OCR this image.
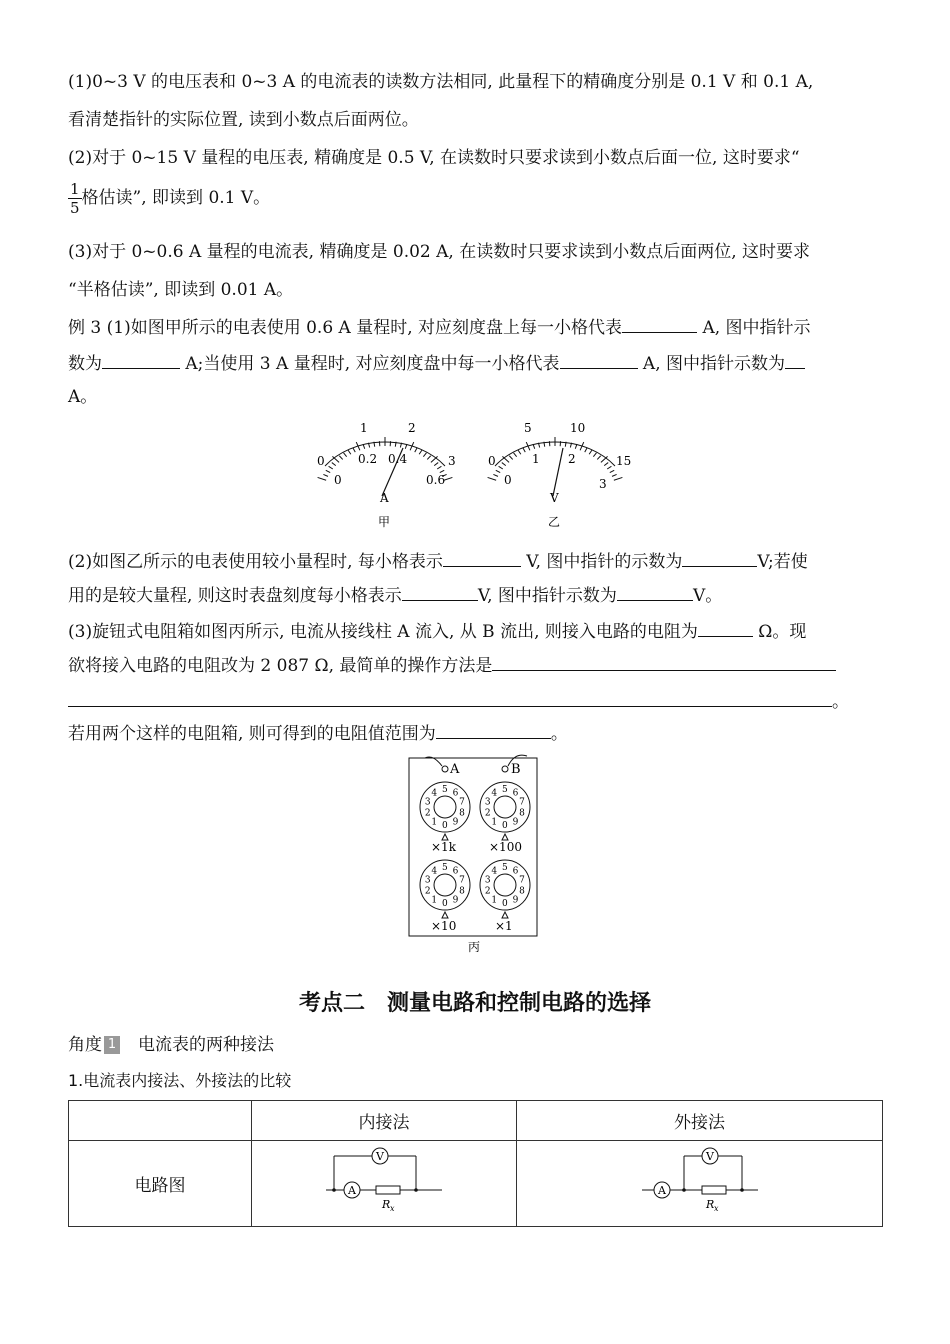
(1)0~3 V 的电压表和 0~3 A 的电流表的读数方法相同, 此量程下的精确度分别是 0.1 V 和 0.1 A,
看清楚指针的实际位置, 读到小数点后面两位。
(2)对于 0~15 V 量程的电压表, 精确度是 0.5 V, 在读数时只要求读到小数点后面一位, 这时要求“
$\frac{1}{5}$ 格估读”, 即读到 0.1 V。
(3)对于 0~0.6 A 量程的电流表, 精确度是 0.02 A, 在读数时只要求读到小数点后面两位, 这时要求
“半格估读”, 即读到 0.01 A。
例 3 (1)如图甲所示的电表使用 0.6 A 量程时, 对应刻度盘上每一小格代表	A, 图中指针示
数为	A;当使用 3 A 量程时, 对应刻度盘中每一小格代表	A, 图中指针示数为
A。
1	2
0	0.2 0.4	3
0	0.6
A
甲
5	10
0	1 2	15
0	3
V
乙
(2)如图乙所示的电表使用较小量程时, 每小格表示	V, 图中指针的示数为	V;若使
用的是较大量程, 则这时表盘刻度每小格表示	V, 图中指针示数为	V。
(3)旋钮式电阻箱如图丙所示, 电流从接线柱 A 流入, 从 B 流出, 则接入电路的电阻为	Ω。现
欲将接入电路的电阻改为 2 087 Ω, 最简单的操作方法是
。
若用两个这样的电阻箱, 则可得到的电阻值范围为	。
A	B
0
1
2
3
4 5 6
7
8
9	0
1
2
3
4 5 6
7
8
9
0
1
2
3
4 5 6
7
8
9	0
1
2
3
4 5 6
7
8
9
×1k	×100
×10	×1
丙
考点二　测量电路和控制电路的选择
角度 1 电流表的两种接法
1.电流表内接法、外接法的比较
	内接法	外接法
电路图	A
V
R x	A
V
R x
